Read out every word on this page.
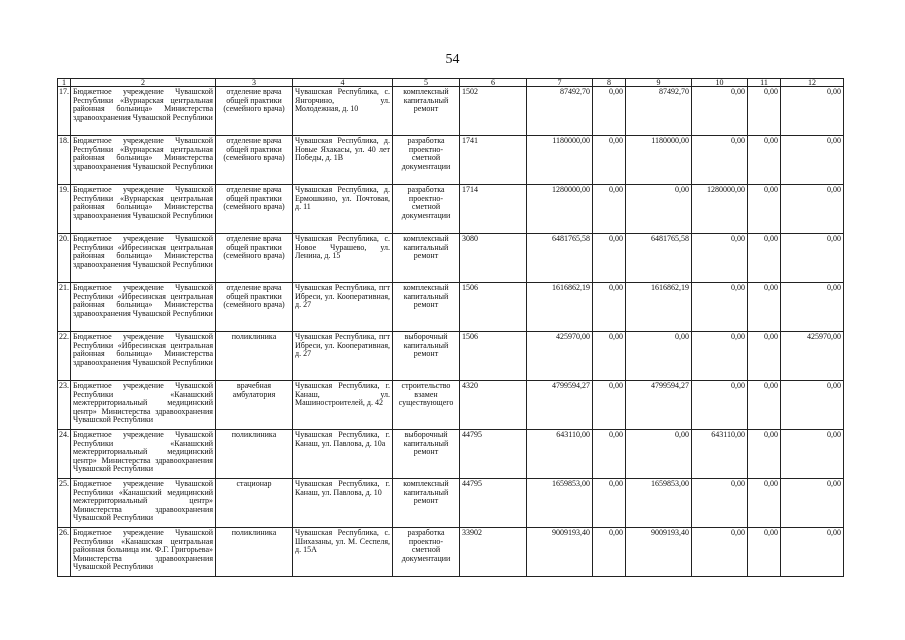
54
1	2	3	4	5	6	7	8	9	10	11	12
17.	Бюджетное учреждение Чувашской Республики «Вурнарская центральная районная больница» Министерства здравоохранения Чувашской Республики	отделение врача общей практики (семейного врача)	Чувашская Республика, с. Янгорчино, ул. Молодежная, д. 10	комплексный капитальный ремонт	1502	87492,70	0,00	87492,70	0,00	0,00	0,00
18.	Бюджетное учреждение Чувашской Республики «Вурнарская центральная районная больница» Министерства здравоохранения Чувашской Республики	отделение врача общей практики (семейного врача)	Чувашская Республика, д. Новые Яхакасы, ул. 40 лет Победы, д. 1В	разработка проектно-сметной документации	1741	1180000,00	0,00	1180000,00	0,00	0,00	0,00
19.	Бюджетное учреждение Чувашской Республики «Вурнарская центральная районная больница» Министерства здравоохранения Чувашской Республики	отделение врача общей практики (семейного врача)	Чувашская Республика, д. Ермошкино, ул. Почтовая, д. 11	разработка проектно-сметной документации	1714	1280000,00	0,00	0,00	1280000,00	0,00	0,00
20.	Бюджетное учреждение Чувашской Республики «Ибресинская центральная районная больница» Министерства здравоохранения Чувашской Республики	отделение врача общей практики (семейного врача)	Чувашская Республика, с. Новое Чурашево, ул. Ленина, д. 15	комплексный капитальный ремонт	3080	6481765,58	0,00	6481765,58	0,00	0,00	0,00
21.	Бюджетное учреждение Чувашской Республики «Ибресинская центральная районная больница» Министерства здравоохранения Чувашской Республики	отделение врача общей практики (семейного врача)	Чувашская Республика, пгт Ибреси, ул. Кооперативная, д. 27	комплексный капитальный ремонт	1506	1616862,19	0,00	1616862,19	0,00	0,00	0,00
22.	Бюджетное учреждение Чувашской Республики «Ибресинская центральная районная больница» Министерства здравоохранения Чувашской Республики	поликлиника	Чувашская Республика, пгт Ибреси, ул. Кооперативная, д. 27	выборочный капитальный ремонт	1506	425970,00	0,00	0,00	0,00	0,00	425970,00
23.	Бюджетное учреждение Чувашской Республики «Канашский межтерриториальный медицинский центр» Министерства здравоохранения Чувашской Республики	врачебная амбулатория	Чувашская Республика, г. Канаш, ул. Машиностроителей, д. 42	строительство взамен существующего	4320	4799594,27	0,00	4799594,27	0,00	0,00	0,00
24.	Бюджетное учреждение Чувашской Республики «Канашский межтерриториальный медицинский центр» Министерства здравоохранения Чувашской Республики	поликлиника	Чувашская Республика, г. Канаш, ул. Павлова, д. 10а	выборочный капитальный ремонт	44795	643110,00	0,00	0,00	643110,00	0,00	0,00
25.	Бюджетное учреждение Чувашской Республики «Канашский медицинский межтерриториальный центр» Министерства здравоохранения Чувашской Республики	стационар	Чувашская Республика, г. Канаш, ул. Павлова, д. 10	комплексный капитальный ремонт	44795	1659853,00	0,00	1659853,00	0,00	0,00	0,00
26.	Бюджетное учреждение Чувашской Республики «Канашская центральная районная больница им. Ф.Г. Григорьева» Министерства здравоохранения Чувашской Республики	поликлиника	Чувашская Республика, с. Шихазаны, ул. М. Сеспеля, д. 15А	разработка проектно-сметной документации	33902	9009193,40	0,00	9009193,40	0,00	0,00	0,00
